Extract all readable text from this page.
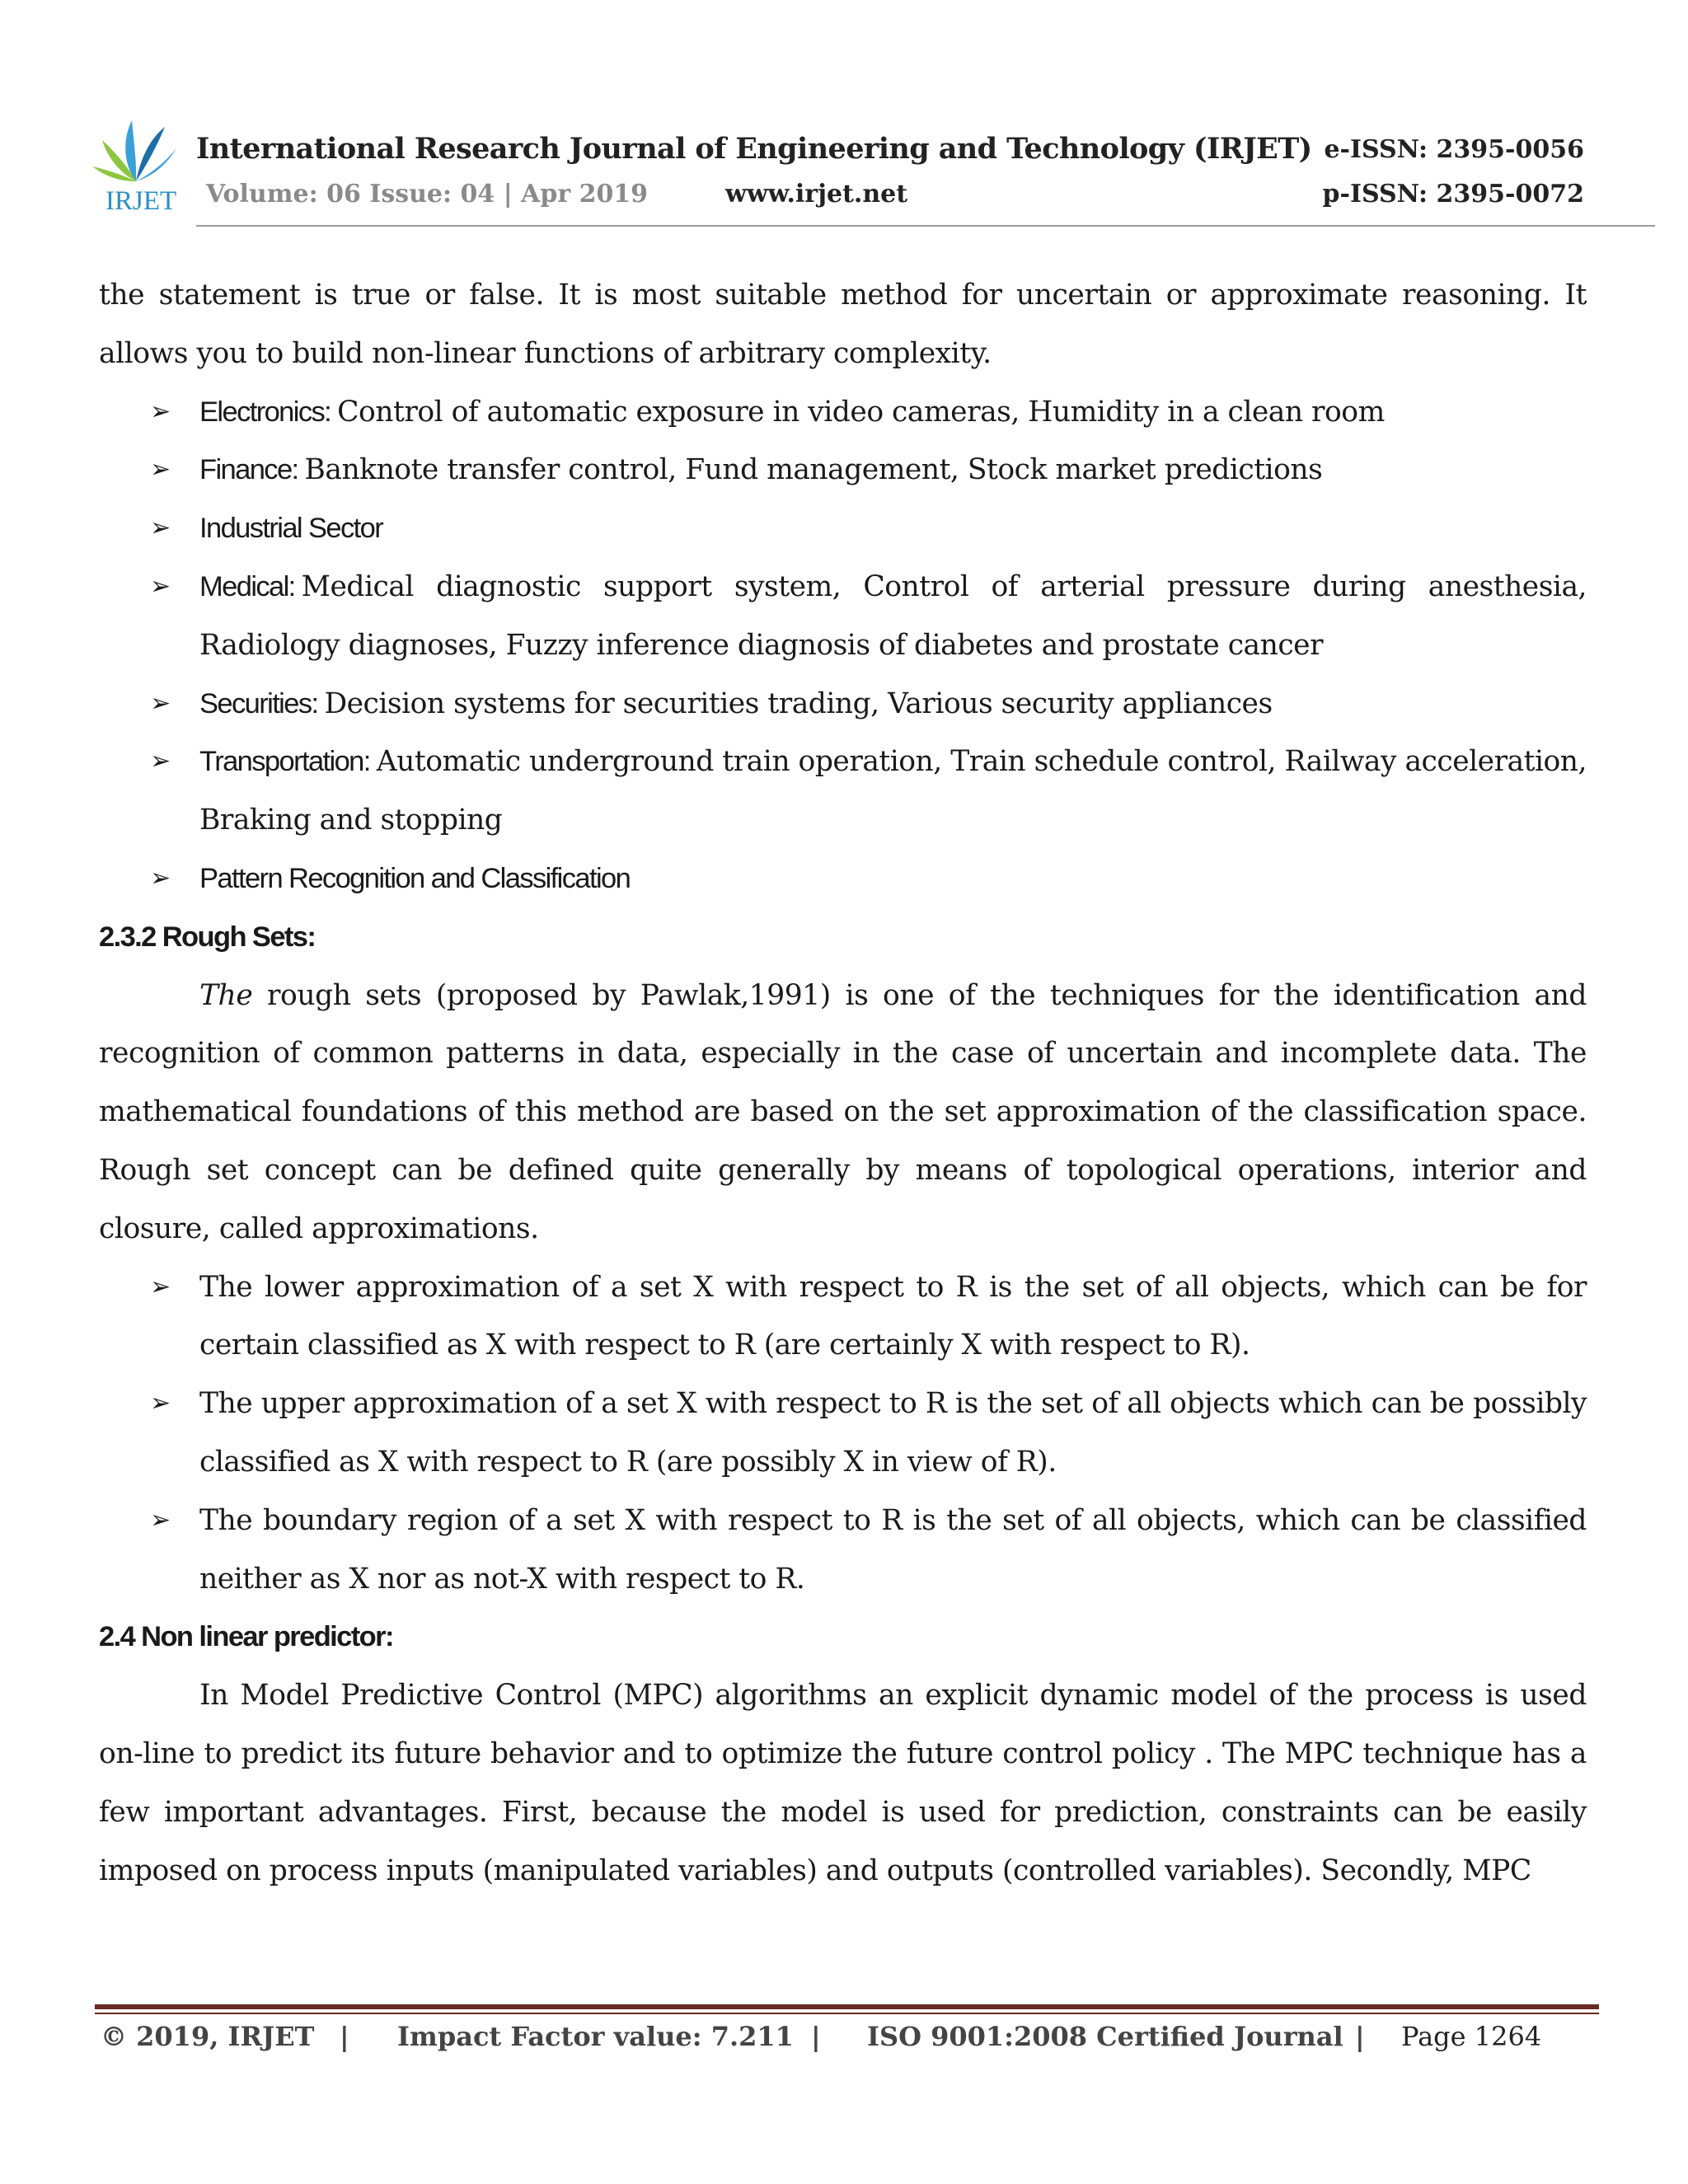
IRJET
International Research Journal of Engineering and Technology (IRJET)
Volume: 06 Issue: 04 | Apr 2019	www.irjet.net
e-ISSN: 2395-0056
p-ISSN: 2395-0072

the statement is true or false. It is most suitable method for uncertain or approximate reasoning. It allows you to build non-linear functions of arbitrary complexity.

➢ Electronics: Control of automatic exposure in video cameras, Humidity in a clean room
➢ Finance: Banknote transfer control, Fund management, Stock market predictions
➢ Industrial Sector
➢ Medical: Medical diagnostic support system, Control of arterial pressure during anesthesia, Radiology diagnoses, Fuzzy inference diagnosis of diabetes and prostate cancer
➢ Securities: Decision systems for securities trading, Various security appliances
➢ Transportation: Automatic underground train operation, Train schedule control, Railway acceleration, Braking and stopping
➢ Pattern Recognition and Classification
2.3.2 Rough Sets:

The rough sets (proposed by Pawlak,1991) is one of the techniques for the identification and recognition of common patterns in data, especially in the case of uncertain and incomplete data. The mathematical foundations of this method are based on the set approximation of the classification space. Rough set concept can be defined quite generally by means of topological operations, interior and closure, called approximations.

➢ The lower approximation of a set X with respect to R is the set of all objects, which can be for certain classified as X with respect to R (are certainly X with respect to R).
➢ The upper approximation of a set X with respect to R is the set of all objects which can be possibly classified as X with respect to R (are possibly X in view of R).
➢ The boundary region of a set X with respect to R is the set of all objects, which can be classified neither as X nor as not-X with respect to R.
2.4 Non linear predictor:

In Model Predictive Control (MPC) algorithms an explicit dynamic model of the process is used on-line to predict its future behavior and to optimize the future control policy . The MPC technique has a few important advantages. First, because the model is used for prediction, constraints can be easily imposed on process inputs (manipulated variables) and outputs (controlled variables). Secondly, MPC

© 2019, IRJET | Impact Factor value: 7.211 | ISO 9001:2008 Certified Journal | Page 1264
